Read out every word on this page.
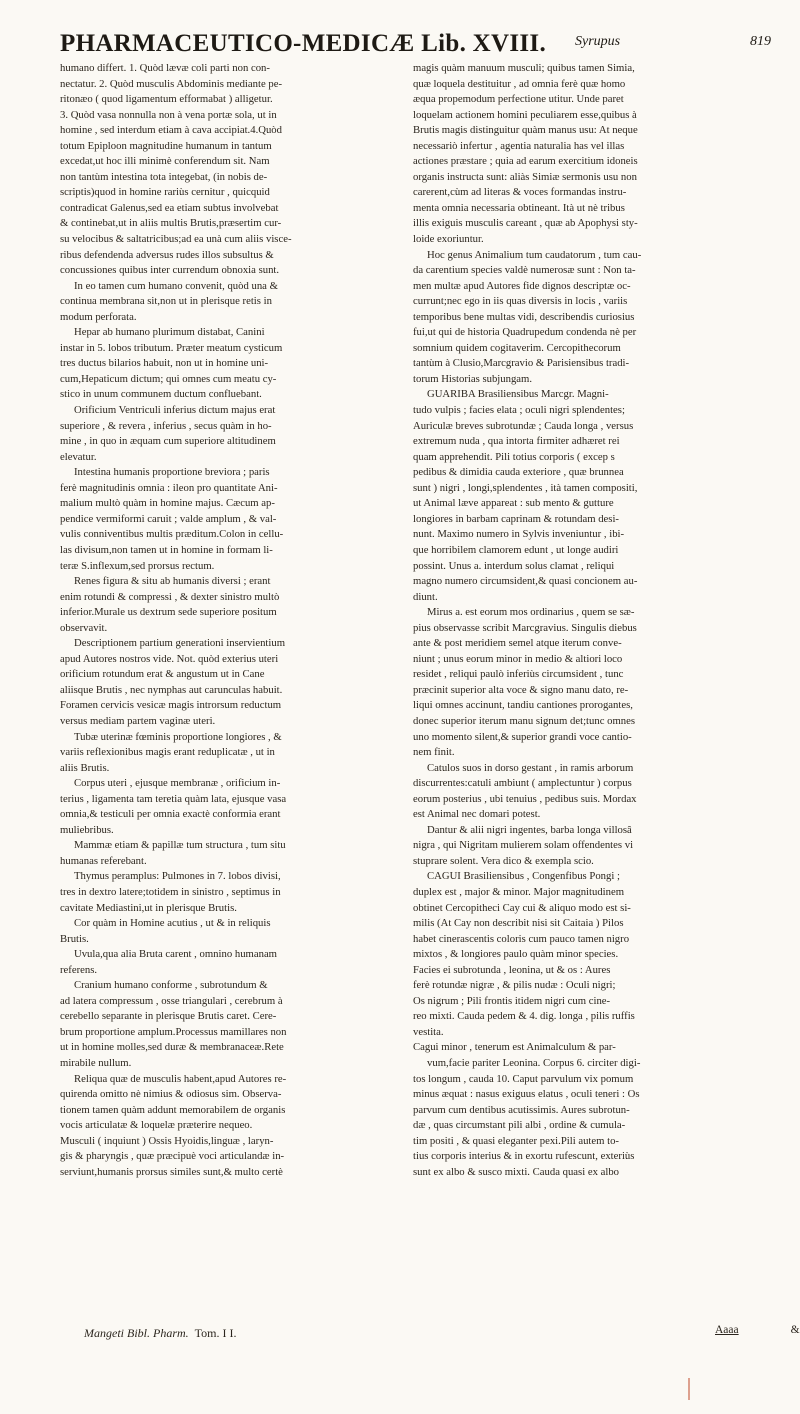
PHARMACEUTICO-MEDICÆ Lib. XVIII. Syrupus	819

humano differt. 1. Quòd lævæ coli parti non con-

nectatur. 2. Quòd musculis Abdominis mediante pe-

ritonæo ( quod ligamentum efformabat ) alligetur.

3. Quòd vasa nonnulla non à vena portæ sola, ut in

homine , sed interdum etiam à cava accipiat.4.Quòd

totum Epiploon magnitudine humanum in tantum

excedat,ut hoc illi minimè conferendum sit. Nam

non tantùm intestina tota integebat, (in nobis de-

scriptis)quod in homine rariùs cernitur , quicquid

contradicat Galenus,sed ea etiam subtus involvebat

& continebat,ut in aliis multis Brutis,præsertim cur-

su velocibus & saltatricibus;ad ea unà cum aliis visce-

ribus defendenda adversus rudes illos subsultus &

concussiones quibus inter currendum obnoxia sunt.

In eo tamen cum humano convenit, quòd una &

continua membrana sit,non ut in plerisque retis in

modum perforata.

Hepar ab humano plurimum distabat, Canini

instar in 5. lobos tributum. Præter meatum cysticum

tres ductus bilarios habuit, non ut in homine uni-

cum,Hepaticum dictum; qui omnes cum meatu cy-

stico in unum communem ductum confluebant.

Orificium Ventriculi inferius dictum majus erat

superiore , & revera , inferius , secus quàm in ho-

mine , in quo in æquam cum superiore altitudinem

elevatur.

Intestina humanis proportione breviora ; paris

ferè magnitudinis omnia : ileon pro quantitate Ani-

malium multò quàm in homine majus. Cæcum ap-

pendice vermiformi caruit ; valde amplum , & val-

vulis conniventibus multis præditum.Colon in cellu-

las divisum,non tamen ut in homine in formam li-

teræ S.inflexum,sed prorsus rectum.

Renes figura & situ ab humanis diversi ; erant

enim rotundi & compressi , & dexter sinistro multò

inferior.Murale us dextrum sede superiore positum

observavit.

Descriptionem partium generationi inservientium

apud Autores nostros vide. Not. quòd exterius uteri

orificium rotundum erat & angustum ut in Cane

aliisque Brutis , nec nymphas aut carunculas habuit.

Foramen cervicis vesicæ magis introrsum reductum

versus mediam partem vaginæ uteri.

Tubæ uterinæ fœminis proportione longiores , &

variis reflexionibus magis erant reduplicatæ , ut in

aliis Brutis.

Corpus uteri , ejusque membranæ , orificium in-

terius , ligamenta tam teretia quàm lata, ejusque vasa

omnia,& testiculi per omnia exactè conformia erant

muliebribus.

Mammæ etiam & papillæ tum structura , tum situ

humanas referebant.

Thymus peramplus: Pulmones in 7. lobos divisi,

tres in dextro latere;totidem in sinistro , septimus in

cavitate Mediastini,ut in plerisque Brutis.

Cor quàm in Homine acutius , ut & in reliquis

Brutis.

Uvula,qua alia Bruta carent , omnino humanam

referens.

Cranium humano conforme , subrotundum &

ad latera compressum , osse triangulari , cerebrum à

cerebello separante in plerisque Brutis caret. Cere-

brum proportione amplum.Processus mamillares non

ut in homine molles,sed duræ & membranaceæ.Rete

mirabile nullum.

Reliqua quæ de musculis habent,apud Autores re-

quirenda omitto nè nimius & odiosus sim. Observa-

tionem tamen quàm addunt memorabilem de organis

vocis articulatæ & loquelæ præterire nequeo.

Musculi ( inquiunt ) Ossis Hyoidis,linguæ , laryn-

gis & pharyngis , quæ præcipuè voci articulandæ in-

serviunt,humanis prorsus similes sunt,& multo certè

magis quàm manuum musculi; quibus tamen Simia,

quæ loquela destituitur , ad omnia ferè quæ homo

æqua propemodum perfectione utitur. Unde paret

loquelam actionem homini peculiarem esse,quibus à

Brutis magis distinguitur quàm manus usu: At neque

necessariò infertur , agentia naturalia has vel illas

actiones præstare ; quia ad earum exercitium idoneis

organis instructa sunt: aliàs Simiæ sermonis usu non

carerent,cùm ad literas & voces formandas instru-

menta omnia necessaria obtineant. Ità ut nè tribus

illis exiguis musculis careant , quæ ab Apophysi sty-

loide exoriuntur.

Hoc genus Animalium tum caudatorum , tum cau-

da carentium species valdè numerosæ sunt : Non ta-

men multæ apud Autores fide dignos descriptæ oc-

currunt;nec ego in iis quas diversis in locis , variis

temporibus bene multas vidi, describendis curiosius

fui,ut qui de historia Quadrupedum condenda nè per

somnium quidem cogitaverim. Cercopithecorum

tantùm à Clusio,Marcgravio & Parisiensibus tradi-

torum Historias subjungam.

GUARIBA Brasiliensibus Marcgr. Magni-

tudo vulpis ; facies elata ; oculi nigri splendentes;

Auriculæ breves subrotundæ ; Cauda longa , versus

extremum nuda , qua intorta firmiter adhæret rei

quam apprehendit. Pili totius corporis ( excep s

pedibus & dimidia cauda exteriore , quæ brunnea

sunt ) nigri , longi,splendentes , ità tamen compositi,

ut Animal læve appareat : sub mento & gutture

longiores in barbam caprinam & rotundam desi-

nunt. Maximo numero in Sylvis inveniuntur , ibi-

que horribilem clamorem edunt , ut longe audiri

possint. Unus a. interdum solus clamat , reliqui

magno numero circumsident,& quasi concionem au-

diunt.

Mirus a. est eorum mos ordinarius , quem se sæ-

pius observasse scribit Marcgravius. Singulis diebus

ante & post meridiem semel atque iterum conve-

niunt ; unus eorum minor in medio & altiori loco

residet , reliqui paulò inferiùs circumsident , tunc

præcinit superior alta voce & signo manu dato, re-

liqui omnes accinunt, tandiu cantiones prorogantes,

donec superior iterum manu signum det;tunc omnes

uno momento silent,& superior grandi voce cantio-

nem finit.

Catulos suos in dorso gestant , in ramis arborum

discurrentes:catuli ambiunt ( amplectuntur ) corpus

eorum posterius , ubi tenuius , pedibus suis. Mordax

est Animal nec domari potest.

Dantur & alii nigri ingentes, barba longa villosâ

nigra , qui Nigritam mulierem solam offendentes vi

stuprare solent. Vera dico & exempla scio.

CAGUI Brasiliensibus , Congenfibus Pongi ;

duplex est , major & minor. Major magnitudinem

obtinet Cercopitheci Cay cui & aliquo modo est si-

milis (At Cay non describit nisi sit Caitaia ) Pilos

habet cinerascentis coloris cum pauco tamen nigro

mixtos , & longiores paulo quàm minor species.

Facies ei subrotunda , leonina, ut & os : Aures

ferè rotundæ nigræ , & pilis nudæ : Oculi nigri;

Os nigrum ; Pili frontis itidem nigri cum cine-

reo mixti. Cauda pedem & 4. dig. longa , pilis ruffis

vestita.

Cagui minor , tenerum est Animalculum & par-

vum,facie pariter Leonina. Corpus 6. circiter digi-

tos longum , cauda 10. Caput parvulum vix pomum

minus æquat : nasus exiguus elatus , oculi teneri : Os

parvum cum dentibus acutissimis. Aures subrotun-

dæ , quas circumstant pili albi , ordine & cumula-

tim positi , & quasi eleganter pexi.Pili autem to-

tius corporis interius & in exortu rufescunt, exteriùs

sunt ex albo & susco mixti. Cauda quasi ex albo

Mangeti Bibl. Pharm. Tom. I I.	Aaaa	&
